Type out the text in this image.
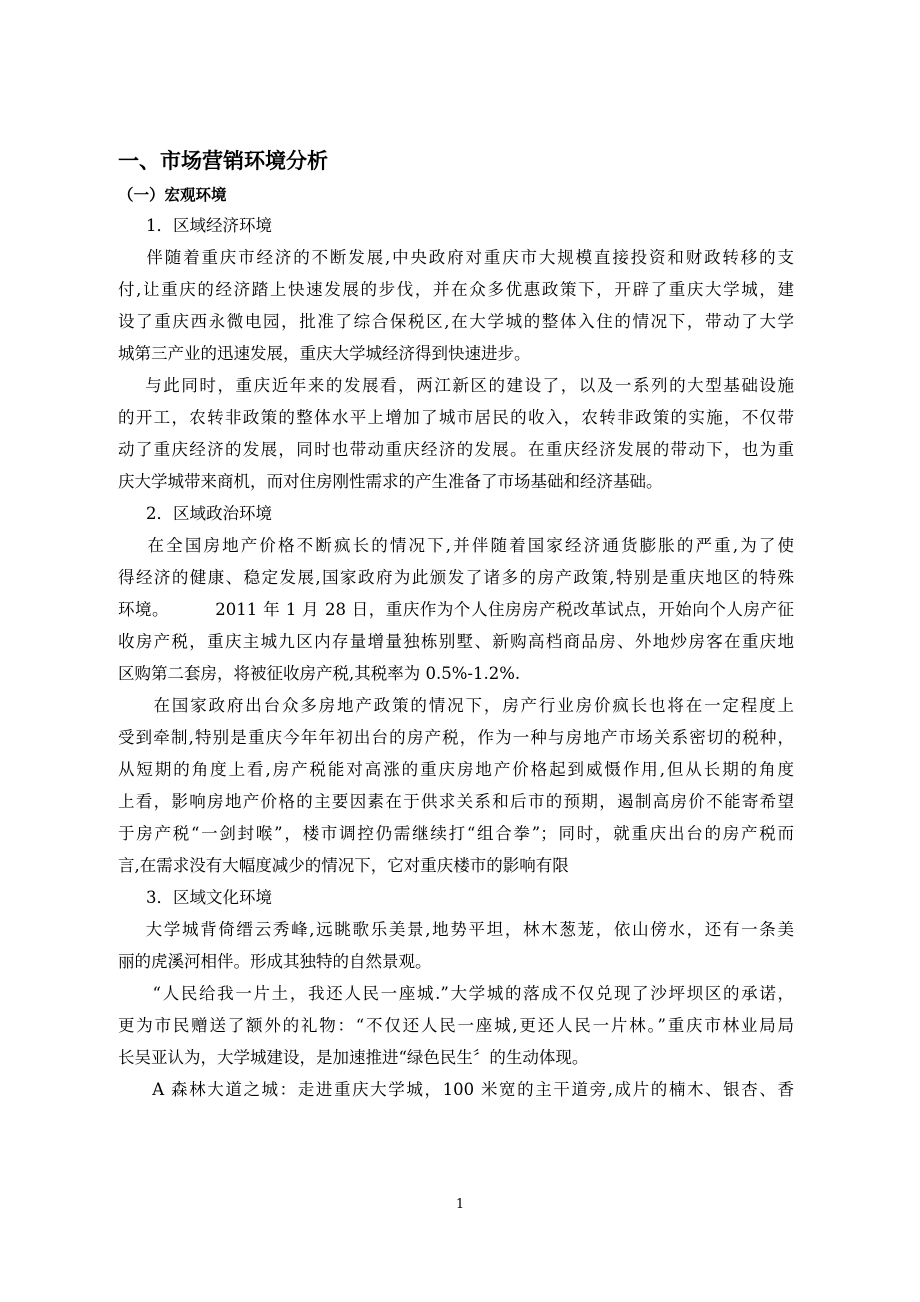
一、市场营销环境分析
（一）宏观环境
1．区域经济环境
伴随着重庆市经济的不断发展,中央政府对重庆市大规模直接投资和财政转移的支
付,让重庆的经济踏上快速发展的步伐，并在众多优惠政策下，开辟了重庆大学城，建
设了重庆西永微电园，批准了综合保税区,在大学城的整体入住的情况下，带动了大学
城第三产业的迅速发展，重庆大学城经济得到快速进步。
与此同时，重庆近年来的发展看，两江新区的建设了，以及一系列的大型基础设施
的开工，农转非政策的整体水平上增加了城市居民的收入，农转非政策的实施，不仅带
动了重庆经济的发展，同时也带动重庆经济的发展。在重庆经济发展的带动下，也为重
庆大学城带来商机，而对住房刚性需求的产生准备了市场基础和经济基础。
2．区域政治环境
在全国房地产价格不断疯长的情况下,并伴随着国家经济通货膨胀的严重,为了使
得经济的健康、稳定发展,国家政府为此颁发了诸多的房产政策,特别是重庆地区的特殊
环境。        2011 年 1 月 28 日，重庆作为个人住房房产税改革试点，开始向个人房产征
收房产税，重庆主城九区内存量增量独栋别墅、新购高档商品房、外地炒房客在重庆地
区购第二套房，将被征收房产税,其税率为 0.5%-1.2%.
在国家政府出台众多房地产政策的情况下，房产行业房价疯长也将在一定程度上
受到牵制,特别是重庆今年年初出台的房产税，作为一种与房地产市场关系密切的税种，
从短期的角度上看,房产税能对高涨的重庆房地产价格起到威慑作用,但从长期的角度
上看，影响房地产价格的主要因素在于供求关系和后市的预期，遏制高房价不能寄希望
于房产税“一剑封喉”，楼市调控仍需继续打“组合拳”；同时，就重庆出台的房产税而
言,在需求没有大幅度减少的情况下，它对重庆楼市的影响有限
3．区域文化环境
大学城背倚缙云秀峰,远眺歌乐美景,地势平坦，林木葱茏，依山傍水，还有一条美
丽的虎溪河相伴。形成其独特的自然景观。
“人民给我一片土，我还人民一座城.”大学城的落成不仅兑现了沙坪坝区的承诺，
更为市民赠送了额外的礼物：“不仅还人民一座城,更还人民一片林。”重庆市林业局局
长吴亚认为，大学城建设，是加速推进“绿色民生〞的生动体现。
A 森林大道之城：走进重庆大学城，100 米宽的主干道旁,成片的楠木、银杏、香
1
